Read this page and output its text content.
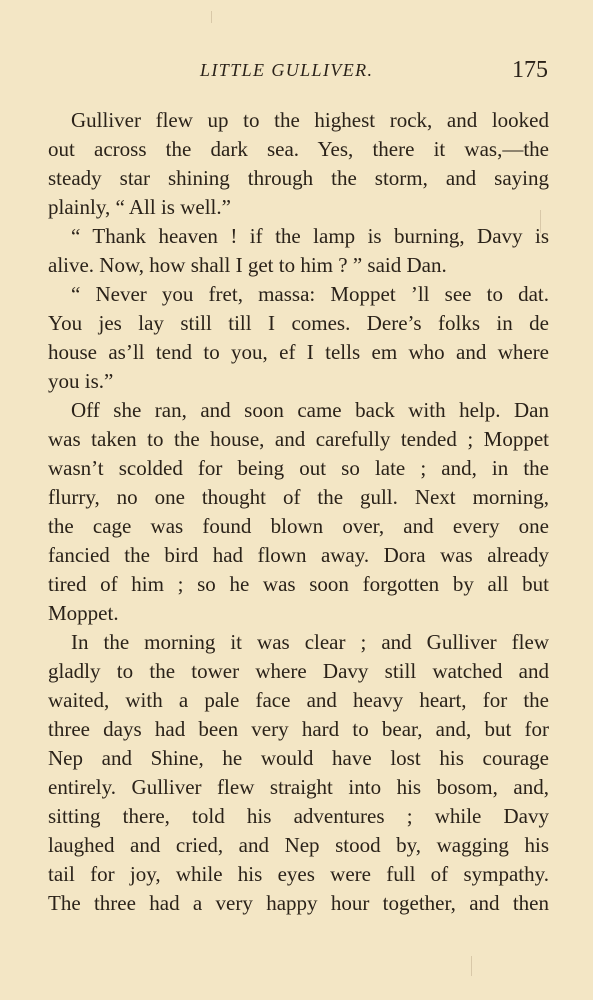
LITTLE GULLIVER.	175
Gulliver flew up to the highest rock, and looked
out across the dark sea. Yes, there it was,—the
steady star shining through the storm, and saying
plainly, “ All is well.”
“ Thank heaven ! if the lamp is burning, Davy is
alive. Now, how shall I get to him ? ” said Dan.
“ Never you fret, massa: Moppet ’ll see to dat.
You jes lay still till I comes. Dere’s folks in de
house as’ll tend to you, ef I tells em who and where
you is.”
Off she ran, and soon came back with help. Dan
was taken to the house, and carefully tended ; Moppet
wasn’t scolded for being out so late ; and, in the
flurry, no one thought of the gull. Next morning,
the cage was found blown over, and every one
fancied the bird had flown away. Dora was already
tired of him ; so he was soon forgotten by all but
Moppet.
In the morning it was clear ; and Gulliver flew
gladly to the tower where Davy still watched and
waited, with a pale face and heavy heart, for the
three days had been very hard to bear, and, but for
Nep and Shine, he would have lost his courage
entirely. Gulliver flew straight into his bosom, and,
sitting there, told his adventures ; while Davy
laughed and cried, and Nep stood by, wagging his
tail for joy, while his eyes were full of sympathy.
The three had a very happy hour together, and then
